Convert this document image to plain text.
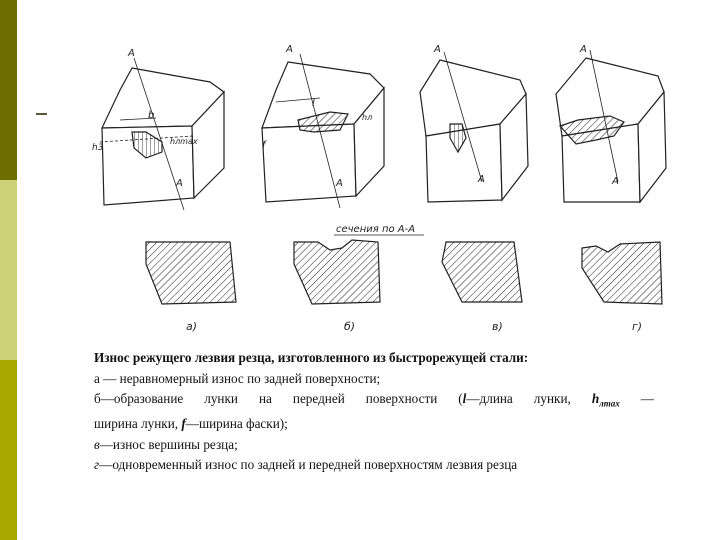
A
A
b
h3
hлmax
A
A
l
hл
f
A
A
A
A
сечения по А-А
а)	б)	в)	г)
Износ режущего лезвия резца, изготовленного из быстрорежущей стали:
а — неравномерный износ по задней поверхности;
б—образование лунки на передней поверхности (l—длина лунки, $h_{лmax}$ —
ширина лунки, f—ширина фаски);
в—износ вершины резца;
г—одновременный износ по задней и передней поверхностям лезвия резца
